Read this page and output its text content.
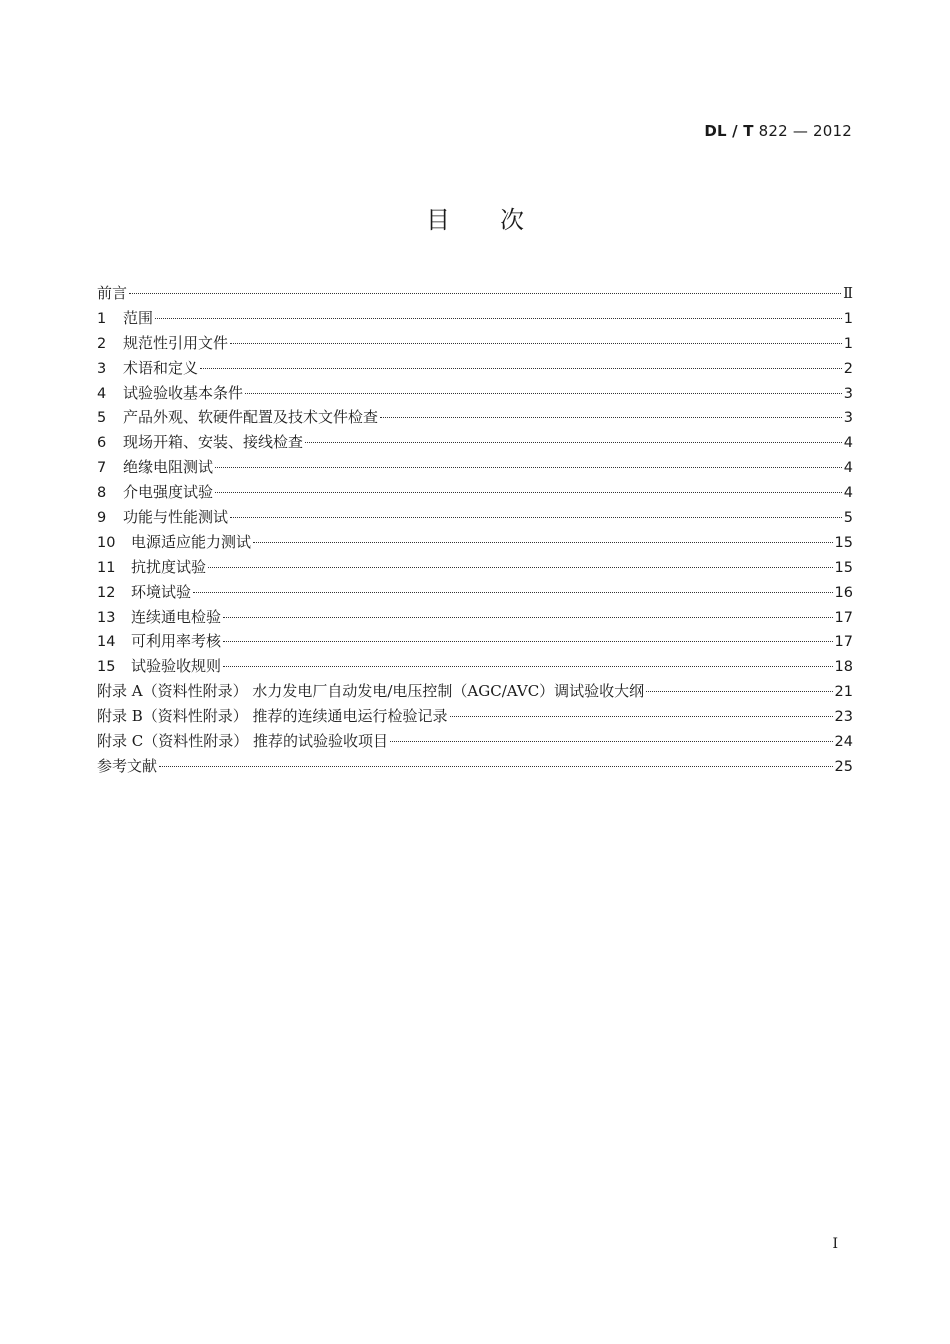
DL / T 822 — 2012
目次
前言	Ⅱ
1	范围	1
2	规范性引用文件	1
3	术语和定义	2
4	试验验收基本条件	3
5	产品外观、软硬件配置及技术文件检查	3
6	现场开箱、安装、接线检查	4
7	绝缘电阻测试	4
8	介电强度试验	4
9	功能与性能测试	5
10	电源适应能力测试	15
11	抗扰度试验	15
12	环境试验	16
13	连续通电检验	17
14	可利用率考核	17
15	试验验收规则	18
附录 A（资料性附录） 水力发电厂自动发电/电压控制（AGC/AVC）调试验收大纲	21
附录 B（资料性附录） 推荐的连续通电运行检验记录	23
附录 C（资料性附录） 推荐的试验验收项目	24
参考文献	25
I
